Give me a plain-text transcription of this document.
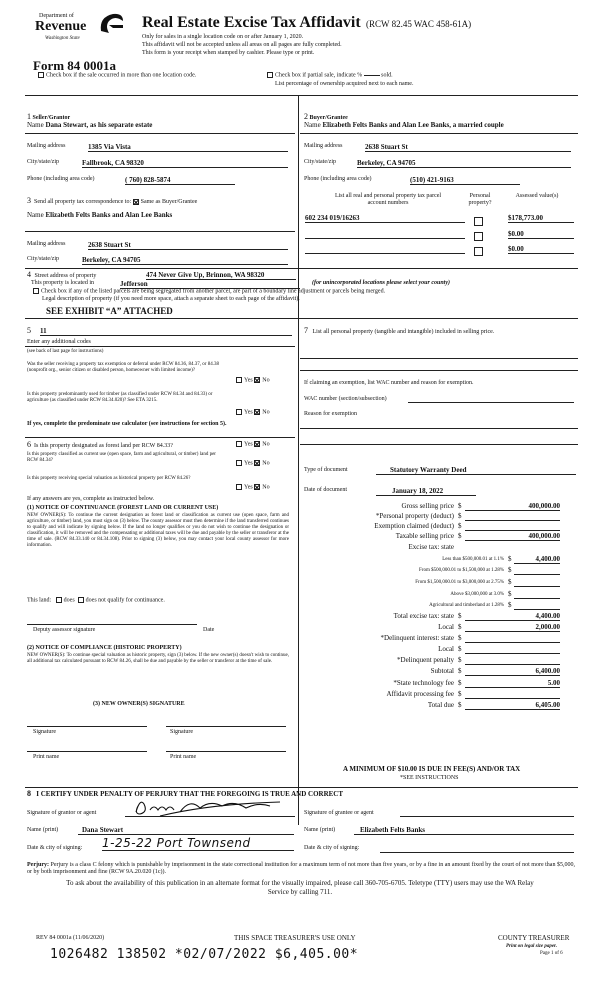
Department of
Revenue
Washington State
Real Estate Excise Tax Affidavit (RCW 82.45 WAC 458-61A)
Only for sales in a single location code on or after January 1, 2020.
This affidavit will not be accepted unless all areas on all pages are fully completed.
This form is your receipt when stamped by cashier. Please type or print.
Form 84 0001a
Check box if the sale occurred in more than one location code.	Check box if partial sale, indicate %	sold.
List percentage of ownership acquired next to each name.
1 Seller/Grantor
Name Dana Stewart, as his separate estate
Mailing address	1385 Via Vista
City/state/zip	Fallbrook, CA 98320
Phone (including area code)	( 760) 828-5874
2 Buyer/Grantee
Name Elizabeth Felts Banks and Alan Lee Banks, a married couple
Mailing address	2638 Stuart St
City/state/zip	Berkeley, CA 94705
Phone (including area code)	(510) 421-9163
3 Send all property tax correspondence to: Same as Buyer/Grantee
Name Elizabeth Felts Banks and Alan Lee Banks
Mailing address	2638 Stuart St
City/state/zip	Berkeley, CA 94705
List all real and personal property tax parcel account numbers
Personal property?
Assessed value(s)
602 234 019/16263	$178,773.00
$0.00
$0.00
4 Street address of property	474 Never Give Up, Brinnon, WA 98320
This property is located in	Jefferson	(for unincorporated locations please select your county)
Check box if any of the listed parcels are being segregated from another parcel, are part of a boundary line adjustment or parcels being merged.
Legal description of property (if you need more space, attach a separate sheet to each page of the affidavit).
SEE EXHIBIT “A” ATTACHED
5 11
Enter any additional codes
(see back of last page for instructions)
Was the seller receiving a property tax exemption or deferral under RCW 84.36, 84.37, or 84.38 (nonprofit org., senior citizen or disabled person, homeowner with limited income)?
Yes No
Is this property predominantly used for timber (as classified under RCW 84.34 and 84.33) or agriculture (as classified under RCW 84.34.020)? See ETA 3215.
Yes No
If yes, complete the predominate use calculator (see instructions for section 5).
6 Is this property designated as forest land per RCW 84.33?	Yes No
Is this property classified as current use (open space, farm and agricultural, or timber) land per RCW 84.34?	Yes No
Is this property receiving special valuation as historical property per RCW 84.26?
Yes No
If any answers are yes, complete as instructed below.
(1) NOTICE OF CONTINUANCE (FOREST LAND OR CURRENT USE)
NEW OWNER(S): To continue the current designation as forest land or classification as current use (open space, farm and agriculture, or timber) land, you must sign on (3) below. The county assessor must then determine if the land transferred continues to qualify and will indicate by signing below. If the land no longer qualifies or you do not wish to continue the designation or classification, it will be removed and the compensating or additional taxes will be due and payable by the seller or transferor at the time of sale. (RCW 84.33.140 or 84.34.108). Prior to signing (3) below, you may contact your local county assessor for more information.
This land: does does not qualify for continuance.
Deputy assessor signature	Date
(2) NOTICE OF COMPLIANCE (HISTORIC PROPERTY)
NEW OWNER(S): To continue special valuation as historic property, sign (3) below. If the new owner(s) doesn't wish to continue, all additional tax calculated pursuant to RCW 84.26, shall be due and payable by the seller or transferor at the time of sale.
(3) NEW OWNER(S) SIGNATURE
Signature	Signature
Print name	Print name
7 List all personal property (tangible and intangible) included in selling price.
If claiming an exemption, list WAC number and reason for exemption.
WAC number (section/subsection)
Reason for exemption
Type of document	Statutory Warranty Deed
Date of document	January 18, 2022
Gross selling price $	400,000.00
*Personal property (deduct) $
Exemption claimed (deduct) $
Taxable selling price $	400,000.00
Excise tax: state
Less than $500,000.01 at 1.1% $	4,400.00
From $500,000.01 to $1,500,000 at 1.28% $
From $1,500,000.01 to $3,000,000 at 2.75% $
Above $3,000,000 at 3.0% $
Agricultural and timberland at 1.28% $
Total excise tax: state $	4,400.00
Local $	2,000.00
*Delinquent interest: state $
Local $
*Delinquent penalty $
Subtotal $	6,400.00
*State technology fee $	5.00
Affidavit processing fee $
Total due $	6,405.00
A MINIMUM OF $10.00 IS DUE IN FEE(S) AND/OR TAX
*SEE INSTRUCTIONS
8 I CERTIFY UNDER PENALTY OF PERJURY THAT THE FOREGOING IS TRUE AND CORRECT
Signature of grantor or agent	Signature of grantee or agent
Name (print)	Dana Stewart	Name (print)	Elizabeth Felts Banks
Date & city of signing: 1-25-22 Port Townsend	Date & city of signing:
Perjury: Perjury is a class C felony which is punishable by imprisonment in the state correctional institution for a maximum term of not more than five years, or by a fine in an amount fixed by the court of not more than $5,000, or by both imprisonment and fine (RCW 9A.20.020 (1c)).
To ask about the availability of this publication in an alternate format for the visually impaired, please call 360-705-6705. Teletype (TTY) users may use the WA Relay Service by calling 711.
REV 84 0001a (11/06/2020)	THIS SPACE TREASURER'S USE ONLY	COUNTY TREASURER
Print on legal size paper.
Page 1 of 6
1026482 138502 *02/07/2022 $6,405.00*
